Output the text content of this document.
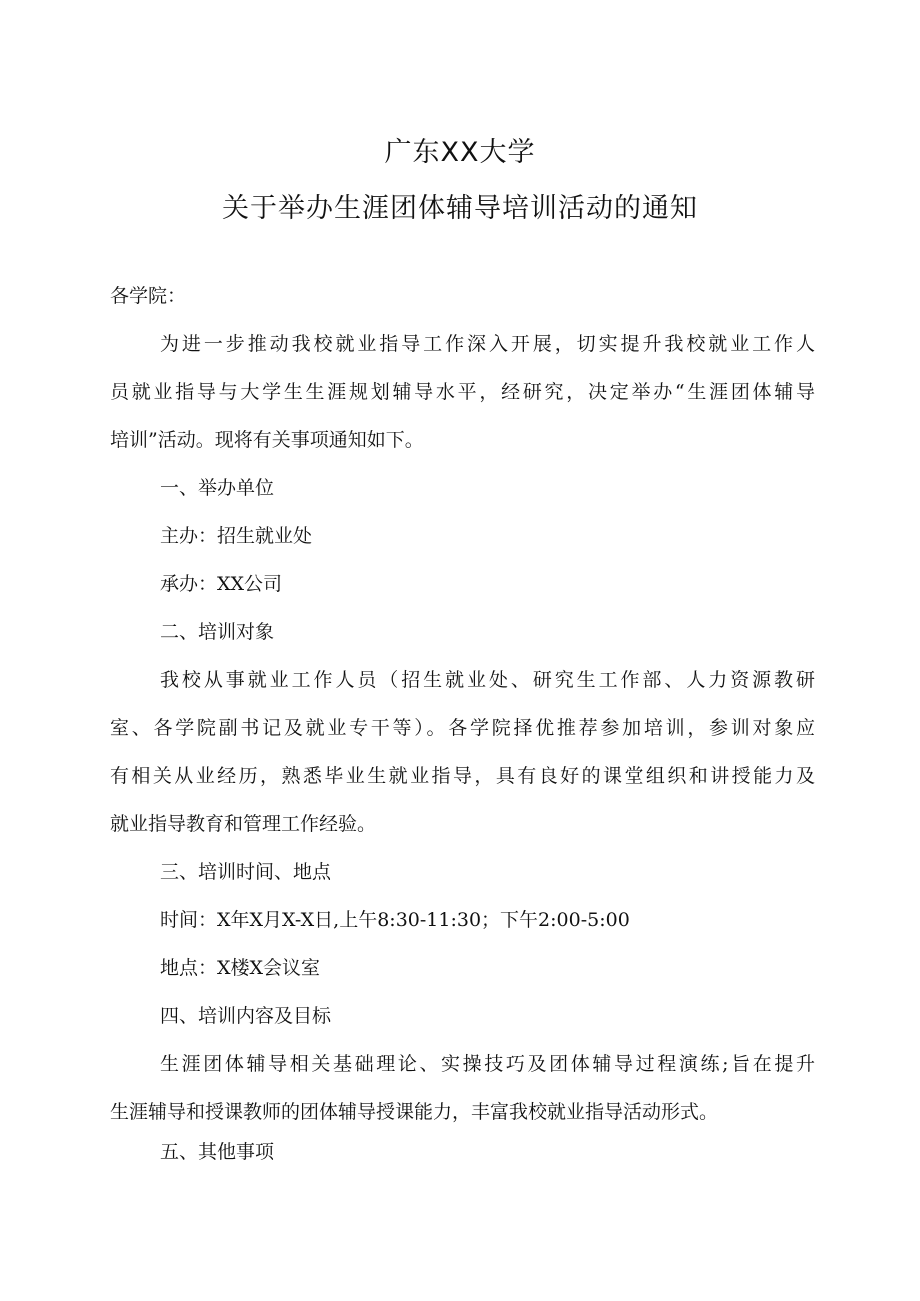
广东XX大学
关于举办生涯团体辅导培训活动的通知
各学院：
为进一步推动我校就业指导工作深入开展，切实提升我校就业工作人
员就业指导与大学生生涯规划辅导水平，经研究，决定举办“生涯团体辅导
培训”活动。现将有关事项通知如下。
一、举办单位
主办：招生就业处
承办：XX公司
二、培训对象
我校从事就业工作人员（招生就业处、研究生工作部、人力资源教研
室、各学院副书记及就业专干等）。各学院择优推荐参加培训，参训对象应
有相关从业经历，熟悉毕业生就业指导，具有良好的课堂组织和讲授能力及
就业指导教育和管理工作经验。
三、培训时间、地点
时间：X年X月X-X日,上午8:30-11:30；下午2:00-5:00
地点：X楼X会议室
四、培训内容及目标
生涯团体辅导相关基础理论、实操技巧及团体辅导过程演练;旨在提升
生涯辅导和授课教师的团体辅导授课能力，丰富我校就业指导活动形式。
五、其他事项
